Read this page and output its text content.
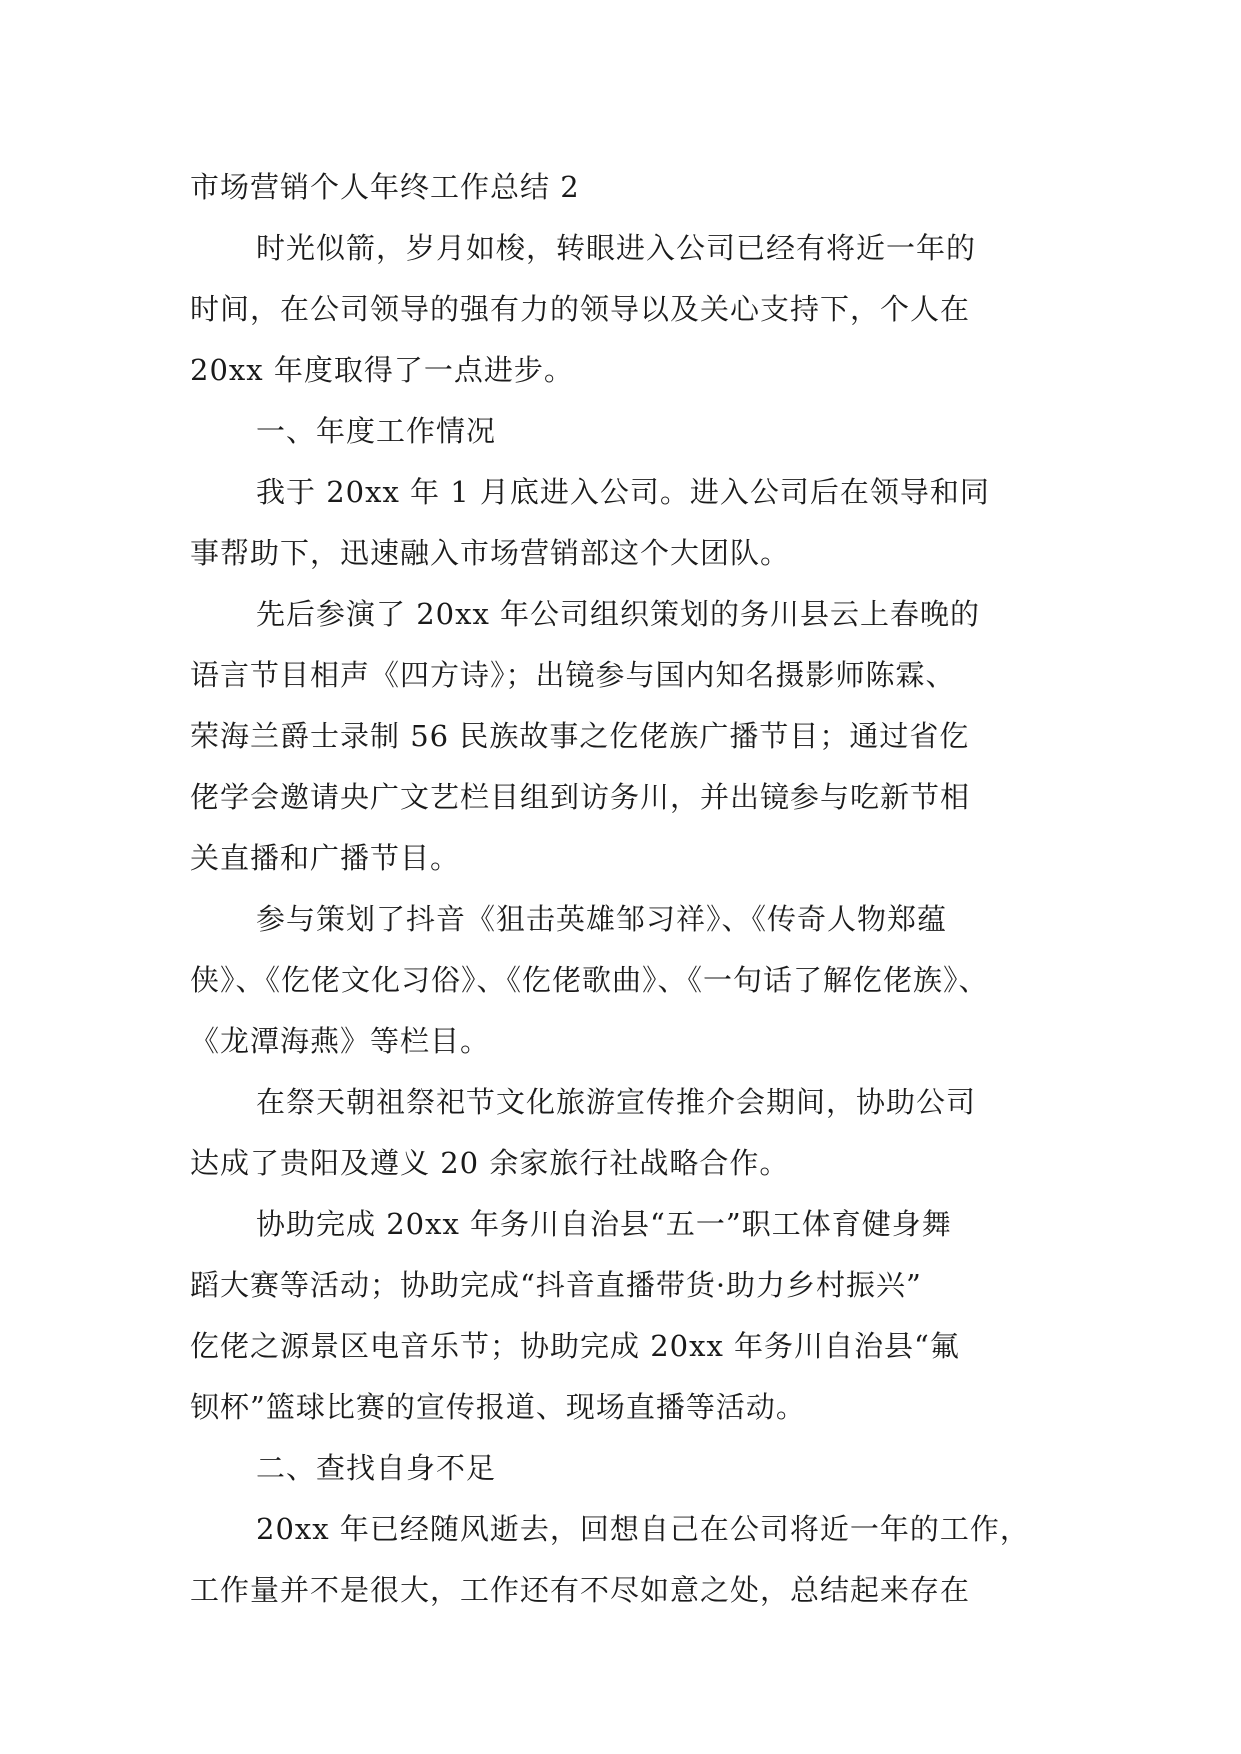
市场营销个人年终工作总结 2
时光似箭，岁月如梭，转眼进入公司已经有将近一年的
时间，在公司领导的强有力的领导以及关心支持下，个人在
20xx 年度取得了一点进步。
一、年度工作情况
我于 20xx 年 1 月底进入公司。进入公司后在领导和同
事帮助下，迅速融入市场营销部这个大团队。
先后参演了 20xx 年公司组织策划的务川县云上春晚的
语言节目相声《四方诗》；出镜参与国内知名摄影师陈霖、
荣海兰爵士录制 56 民族故事之仡佬族广播节目；通过省仡
佬学会邀请央广文艺栏目组到访务川，并出镜参与吃新节相
关直播和广播节目。
参与策划了抖音《狙击英雄邹习祥》、《传奇人物郑蕴
侠》、《仡佬文化习俗》、《仡佬歌曲》、《一句话了解仡佬族》、
《龙潭海燕》等栏目。
在祭天朝祖祭祀节文化旅游宣传推介会期间，协助公司
达成了贵阳及遵义 20 余家旅行社战略合作。
协助完成 20xx 年务川自治县“五一”职工体育健身舞
蹈大赛等活动；协助完成“抖音直播带货·助力乡村振兴”
仡佬之源景区电音乐节；协助完成 20xx 年务川自治县“氟
钡杯”篮球比赛的宣传报道、现场直播等活动。
二、查找自身不足
20xx 年已经随风逝去，回想自己在公司将近一年的工作，
工作量并不是很大，工作还有不尽如意之处，总结起来存在
